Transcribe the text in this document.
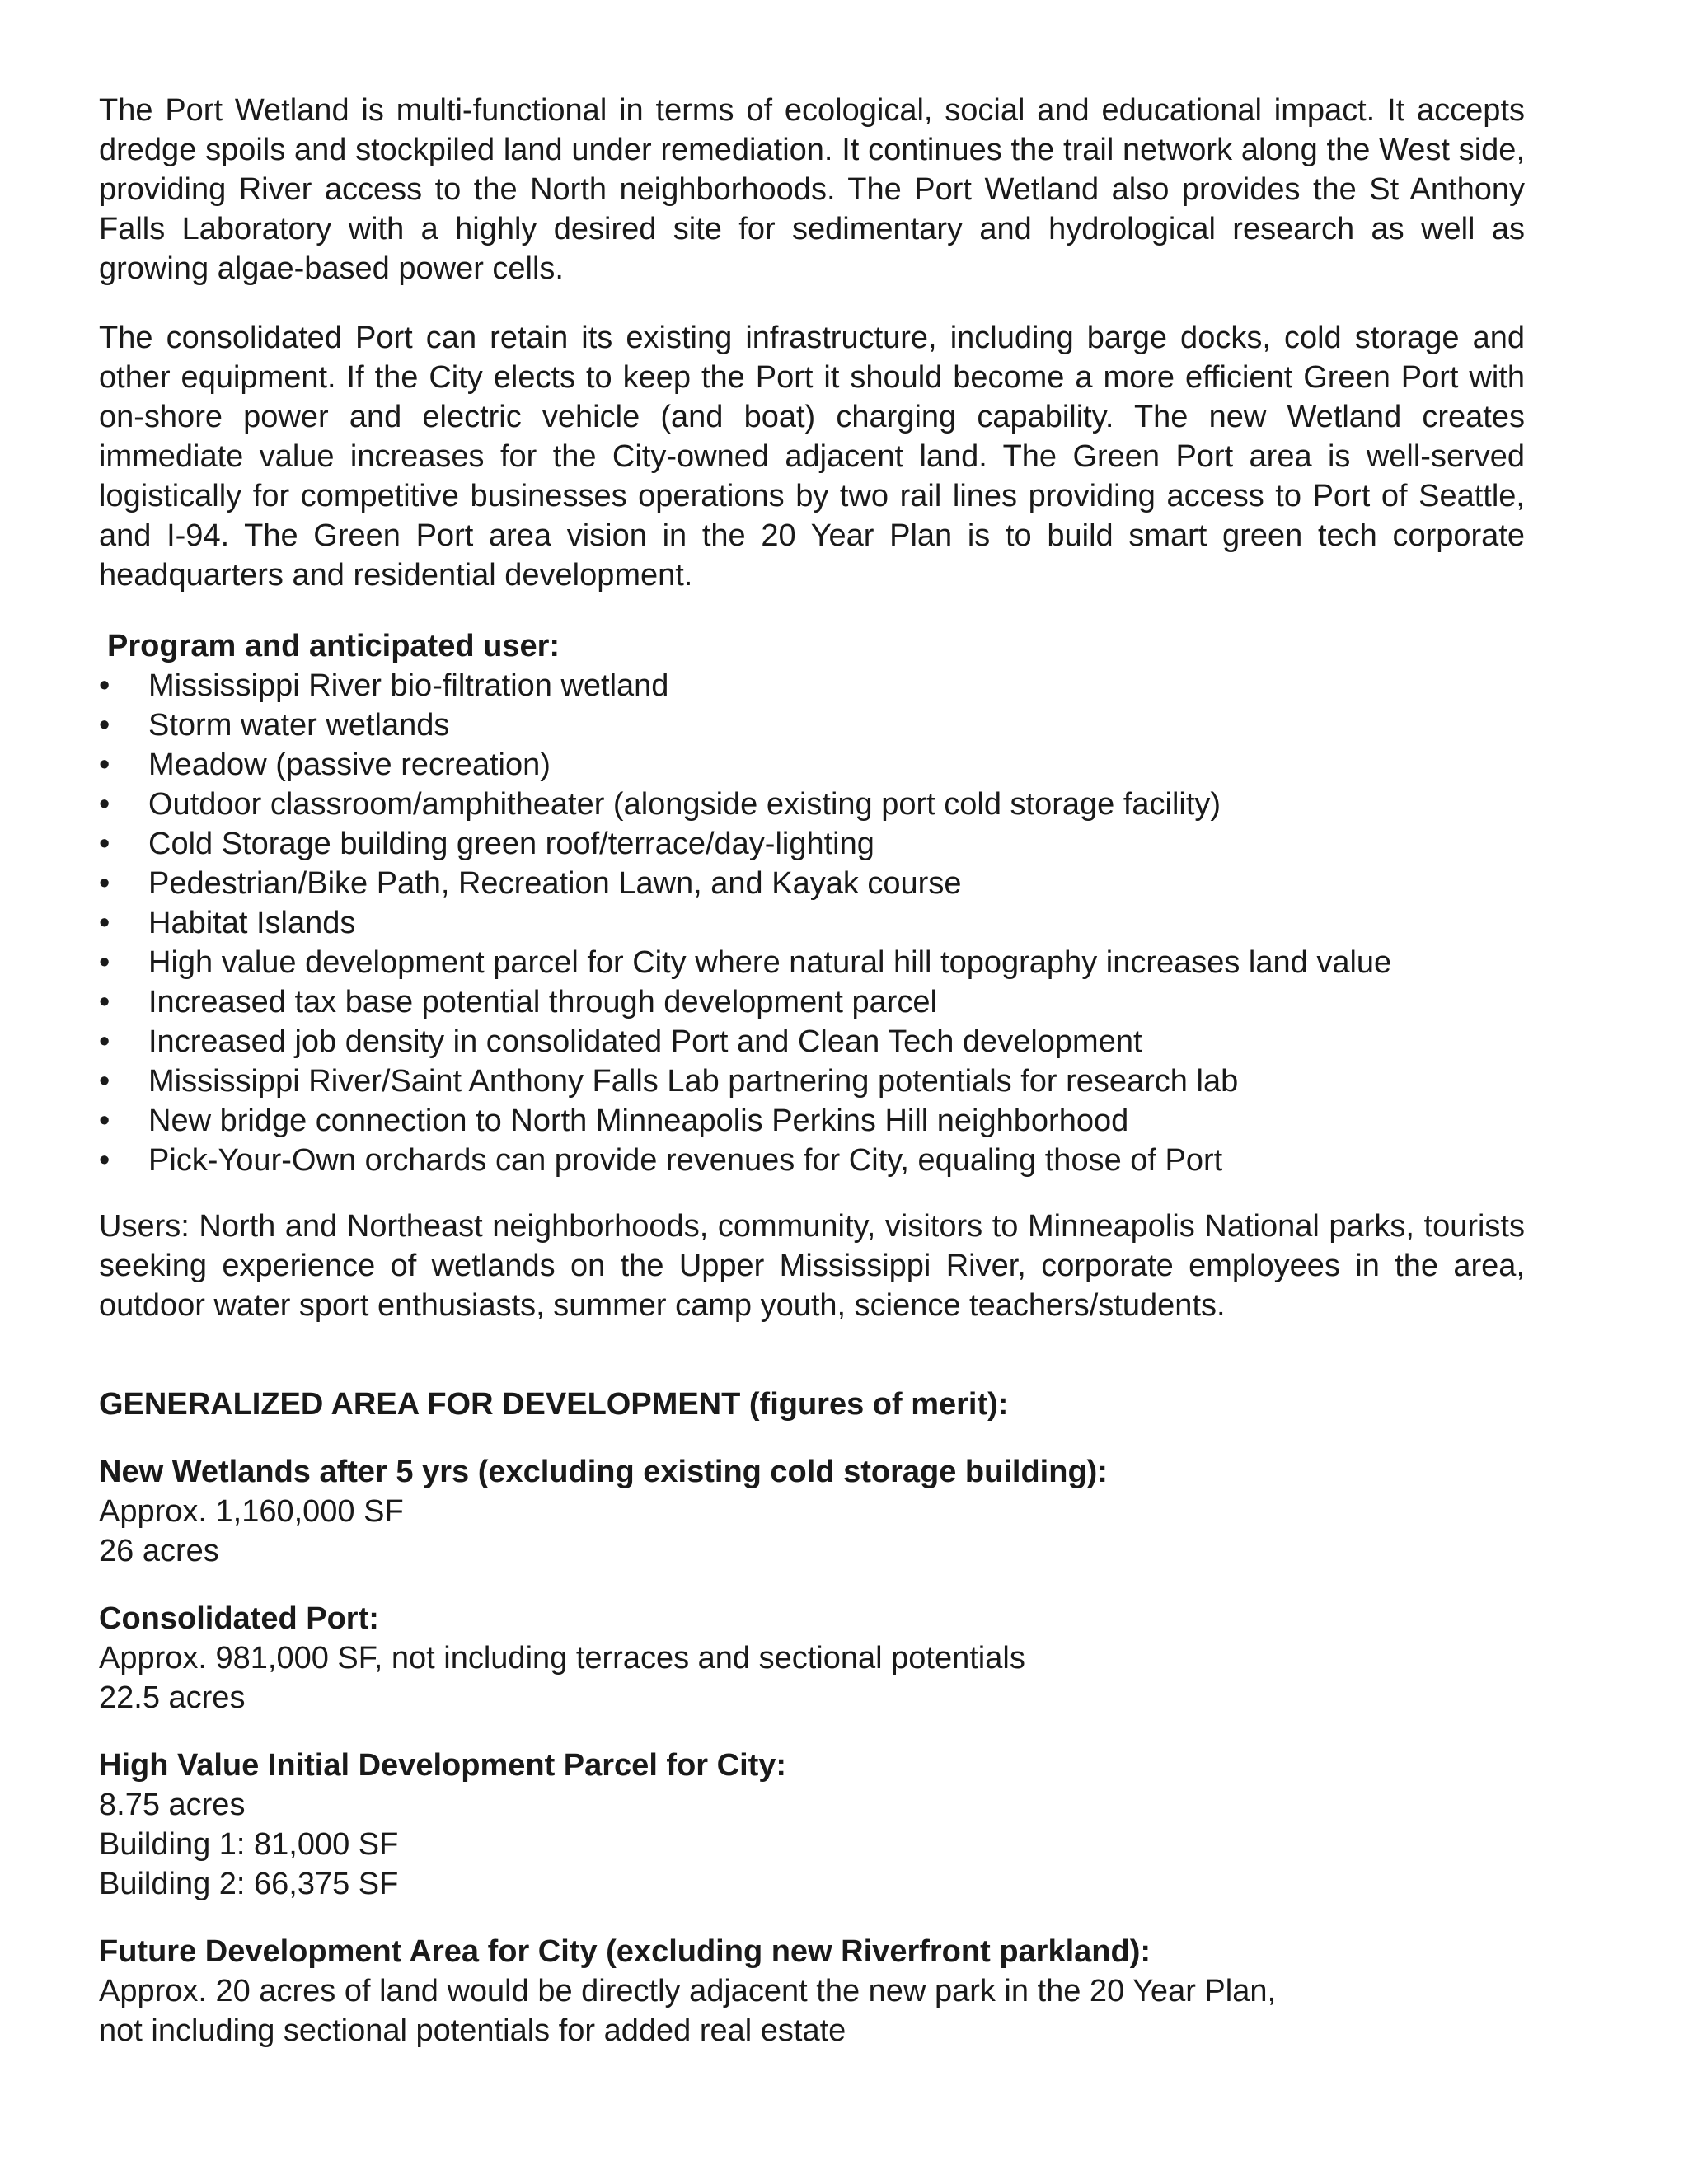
The Port Wetland is multi-functional in terms of ecological, social and educational impact. It accepts dredge spoils and stockpiled land under remediation. It continues the trail network along the West side, providing River access to the North neighborhoods. The Port Wetland also provides the St Anthony Falls Laboratory with a highly desired site for sedimentary and hydrological research as well as growing algae-based power cells.

The consolidated Port can retain its existing infrastructure, including barge docks, cold storage and other equipment. If the City elects to keep the Port it should become a more efficient Green Port with on-shore power and electric vehicle (and boat) charging capability. The new Wetland creates immediate value increases for the City-owned adjacent land. The Green Port area is well-served logistically for competitive businesses operations by two rail lines providing access to Port of Seattle, and I-94. The Green Port area vision in the 20 Year Plan is to build smart green tech corporate headquarters and residential development.

Program and anticipated user:

• Mississippi River bio-filtration wetland
• Storm water wetlands
• Meadow (passive recreation)
• Outdoor classroom/amphitheater (alongside existing port cold storage facility)
• Cold Storage building green roof/terrace/day-lighting
• Pedestrian/Bike Path, Recreation Lawn, and Kayak course
• Habitat Islands
• High value development parcel for City where natural hill topography increases land value
• Increased tax base potential through development parcel
• Increased job density in consolidated Port and Clean Tech development
• Mississippi River/Saint Anthony Falls Lab partnering potentials for research lab
• New bridge connection to North Minneapolis Perkins Hill neighborhood
• Pick-Your-Own orchards can provide revenues for City, equaling those of Port

Users: North and Northeast neighborhoods, community, visitors to Minneapolis National parks, tourists seeking experience of wetlands on the Upper Mississippi River, corporate employees in the area, outdoor water sport enthusiasts, summer camp youth, science teachers/students.

GENERALIZED AREA FOR DEVELOPMENT (figures of merit):

New Wetlands after 5 yrs (excluding existing cold storage building):

Approx. 1,160,000 SF

26 acres

Consolidated Port:

Approx. 981,000 SF, not including terraces and sectional potentials

22.5 acres

High Value Initial Development Parcel for City:

8.75 acres

Building 1: 81,000 SF

Building 2: 66,375 SF

Future Development Area for City (excluding new Riverfront parkland):

Approx. 20 acres of land would be directly adjacent the new park in the 20 Year Plan,

not including sectional potentials for added real estate
